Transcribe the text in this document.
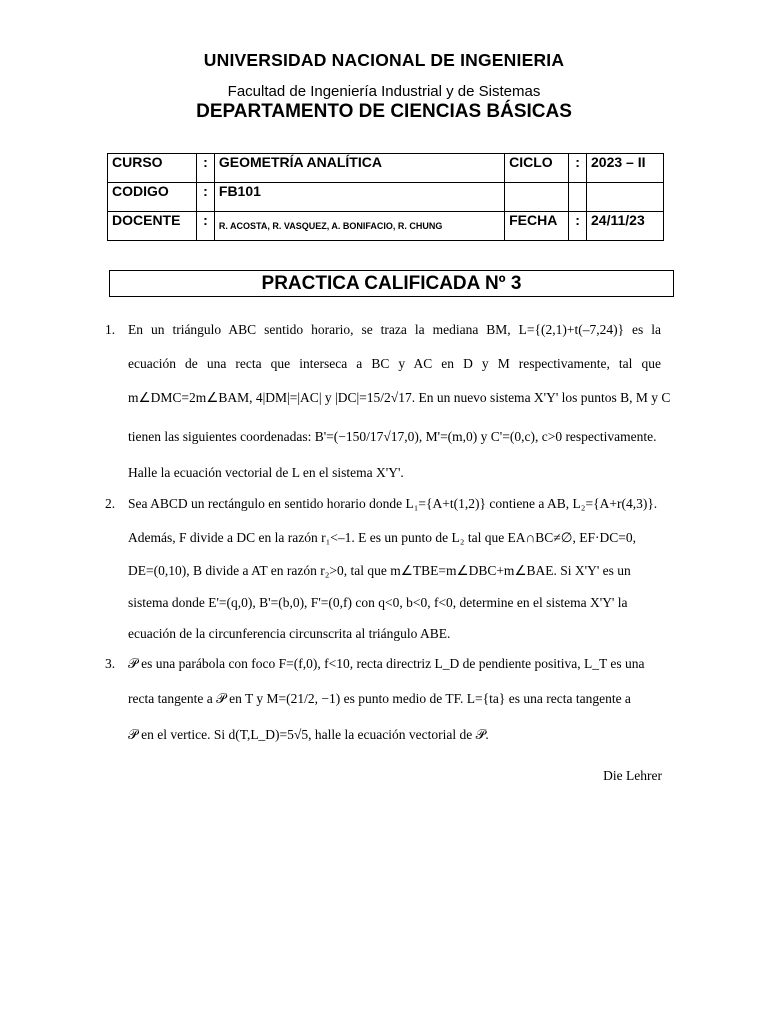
UNIVERSIDAD NACIONAL DE INGENIERIA
Facultad de Ingeniería Industrial y de Sistemas
DEPARTAMENTO DE CIENCIAS BÁSICAS
CURSO	:	GEOMETRÍA ANALÍTICA	CICLO	:	2023 – II
CODIGO	:	FB101			
DOCENTE	:	R. ACOSTA, R. VASQUEZ, A. BONIFACIO, R. CHUNG	FECHA	:	24/11/23
PRACTICA CALIFICADA Nº 3
1. En un triángulo ABC sentido horario, se traza la mediana BM, L={(2,1)+t(–7,24)} es la
ecuación de una recta que interseca a BC y AC en D y M respectivamente, tal que
m∠DMC=2m∠BAM, 4|DM|=|AC| y |DC|=15/2√17. En un nuevo sistema X'Y' los puntos B, M y C
tienen las siguientes coordenadas: B'=(−150/17√17,0), M'=(m,0) y C'=(0,c), c>0 respectivamente.
Halle la ecuación vectorial de L en el sistema X'Y'.
2. Sea ABCD un rectángulo en sentido horario donde L₁={A+t(1,2)} contiene a AB, L₂={A+r(4,3)}.
Además, F divide a DC en la razón r₁<–1. E es un punto de L₂ tal que EA∩BC≠∅, EF·DC=0,
DE=(0,10), B divide a AT en razón r₂>0, tal que m∠TBE=m∠DBC+m∠BAE. Si X'Y' es un
sistema donde E'=(q,0), B'=(b,0), F'=(0,f) con q<0, b<0, f<0, determine en el sistema X'Y' la
ecuación de la circunferencia circunscrita al triángulo ABE.
3. 𝒫 es una parábola con foco F=(f,0), f<10, recta directriz L_D de pendiente positiva, L_T es una
recta tangente a 𝒫 en T y M=(21/2, −1) es punto medio de TF. L={ta} es una recta tangente a
𝒫 en el vertice. Si d(T,L_D)=5√5, halle la ecuación vectorial de 𝒫.
Die Lehrer
